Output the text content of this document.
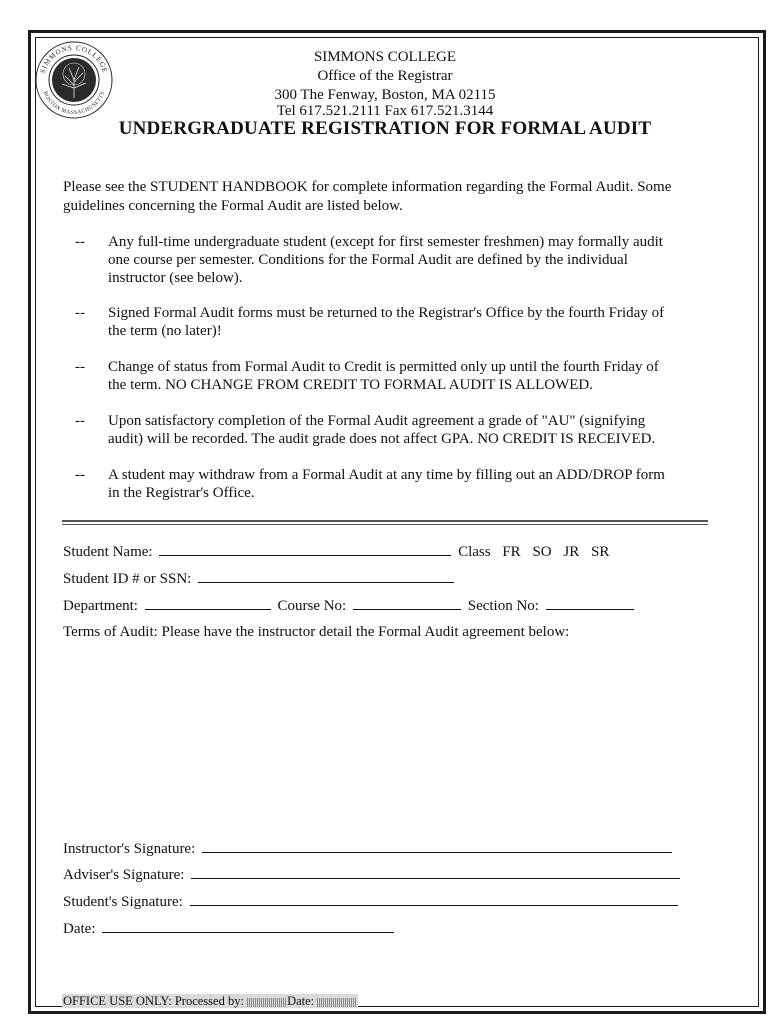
SIMMONS COLLEGE
BOSTON MASSACHUSETTS
SIMMONS COLLEGE
Office of the Registrar
300 The Fenway, Boston, MA 02115
Tel 617.521.2111 Fax 617.521.3144
UNDERGRADUATE REGISTRATION FOR FORMAL AUDIT
Please see the STUDENT HANDBOOK for complete information regarding the Formal Audit. Some
guidelines concerning the Formal Audit are listed below.
-- Any full-time undergraduate student (except for first semester freshmen) may formally audit
one course per semester. Conditions for the Formal Audit are defined by the individual
instructor (see below).
-- Signed Formal Audit forms must be returned to the Registrar's Office by the fourth Friday of
the term (no later)!
-- Change of status from Formal Audit to Credit is permitted only up until the fourth Friday of
the term. NO CHANGE FROM CREDIT TO FORMAL AUDIT IS ALLOWED.
-- Upon satisfactory completion of the Formal Audit agreement a grade of "AU" (signifying
audit) will be recorded. The audit grade does not affect GPA. NO CREDIT IS RECEIVED.
-- A student may withdraw from a Formal Audit at any time by filling out an ADD/DROP form
in the Registrar's Office.
Student Name:	Class FR SO JR SR
Student ID # or SSN:
Department:	Course No:	Section No:
Terms of Audit: Please have the instructor detail the Formal Audit agreement below:
Instructor's Signature:
Adviser's Signature:
Student's Signature:
Date:
OFFICE USE ONLY: Processed by:	Date:
